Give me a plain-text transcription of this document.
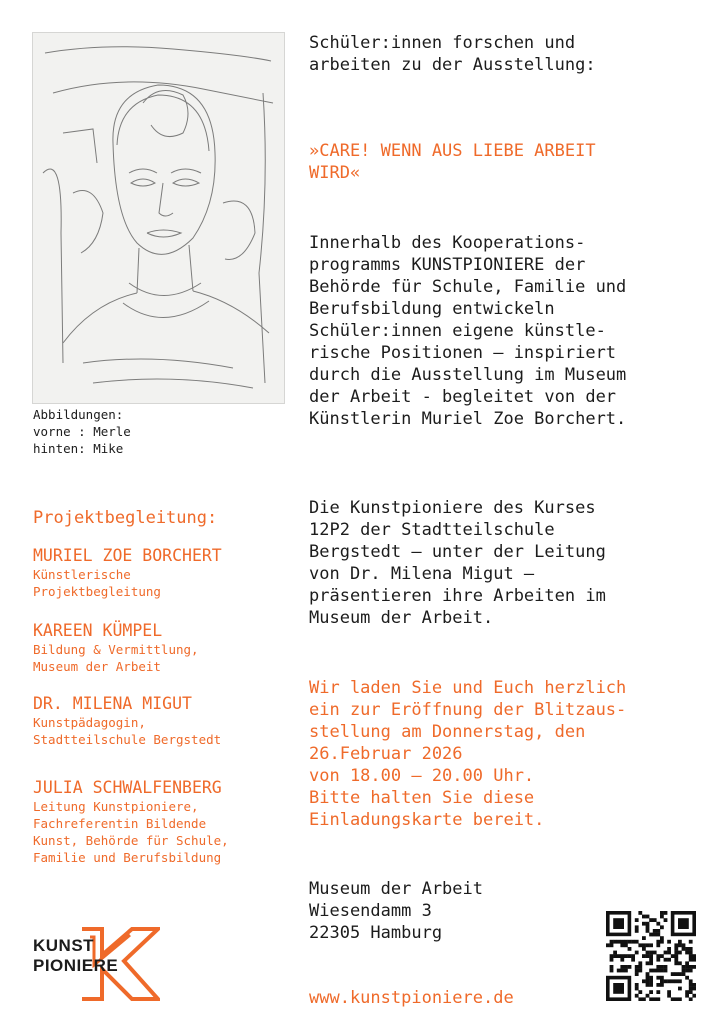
Abbildungen:
vorne : Merle
hinten: Mike
Schüler:innen forschen und
arbeiten zu der Ausstellung:
»CARE! WENN AUS LIEBE ARBEIT
WIRD«
Innerhalb des Kooperations-
programms KUNSTPIONIERE der
Behörde für Schule, Familie und
Berufsbildung entwickeln
Schüler:innen eigene künstle-
rische Positionen – inspiriert
durch die Ausstellung im Museum
der Arbeit - begleitet von der
Künstlerin Muriel Zoe Borchert.
Die Kunstpioniere des Kurses
12P2 der Stadtteilschule
Bergstedt – unter der Leitung
von Dr. Milena Migut –
präsentieren ihre Arbeiten im
Museum der Arbeit.
Wir laden Sie und Euch herzlich
ein zur Eröffnung der Blitzaus-
stellung am Donnerstag, den
26.Februar 2026
von 18.00 – 20.00 Uhr.
Bitte halten Sie diese
Einladungskarte bereit.
Projektbegleitung:
MURIEL ZOE BORCHERT
Künstlerische
Projektbegleitung
KAREEN KÜMPEL
Bildung & Vermittlung,
Museum der Arbeit
DR. MILENA MIGUT
Kunstpädagogin,
Stadtteilschule Bergstedt
JULIA SCHWALFENBERG
Leitung Kunstpioniere,
Fachreferentin Bildende
Kunst, Behörde für Schule,
Familie und Berufsbildung
KUNST
PIONIERE
Museum der Arbeit
Wiesendamm 3
22305 Hamburg
www.kunstpioniere.de
